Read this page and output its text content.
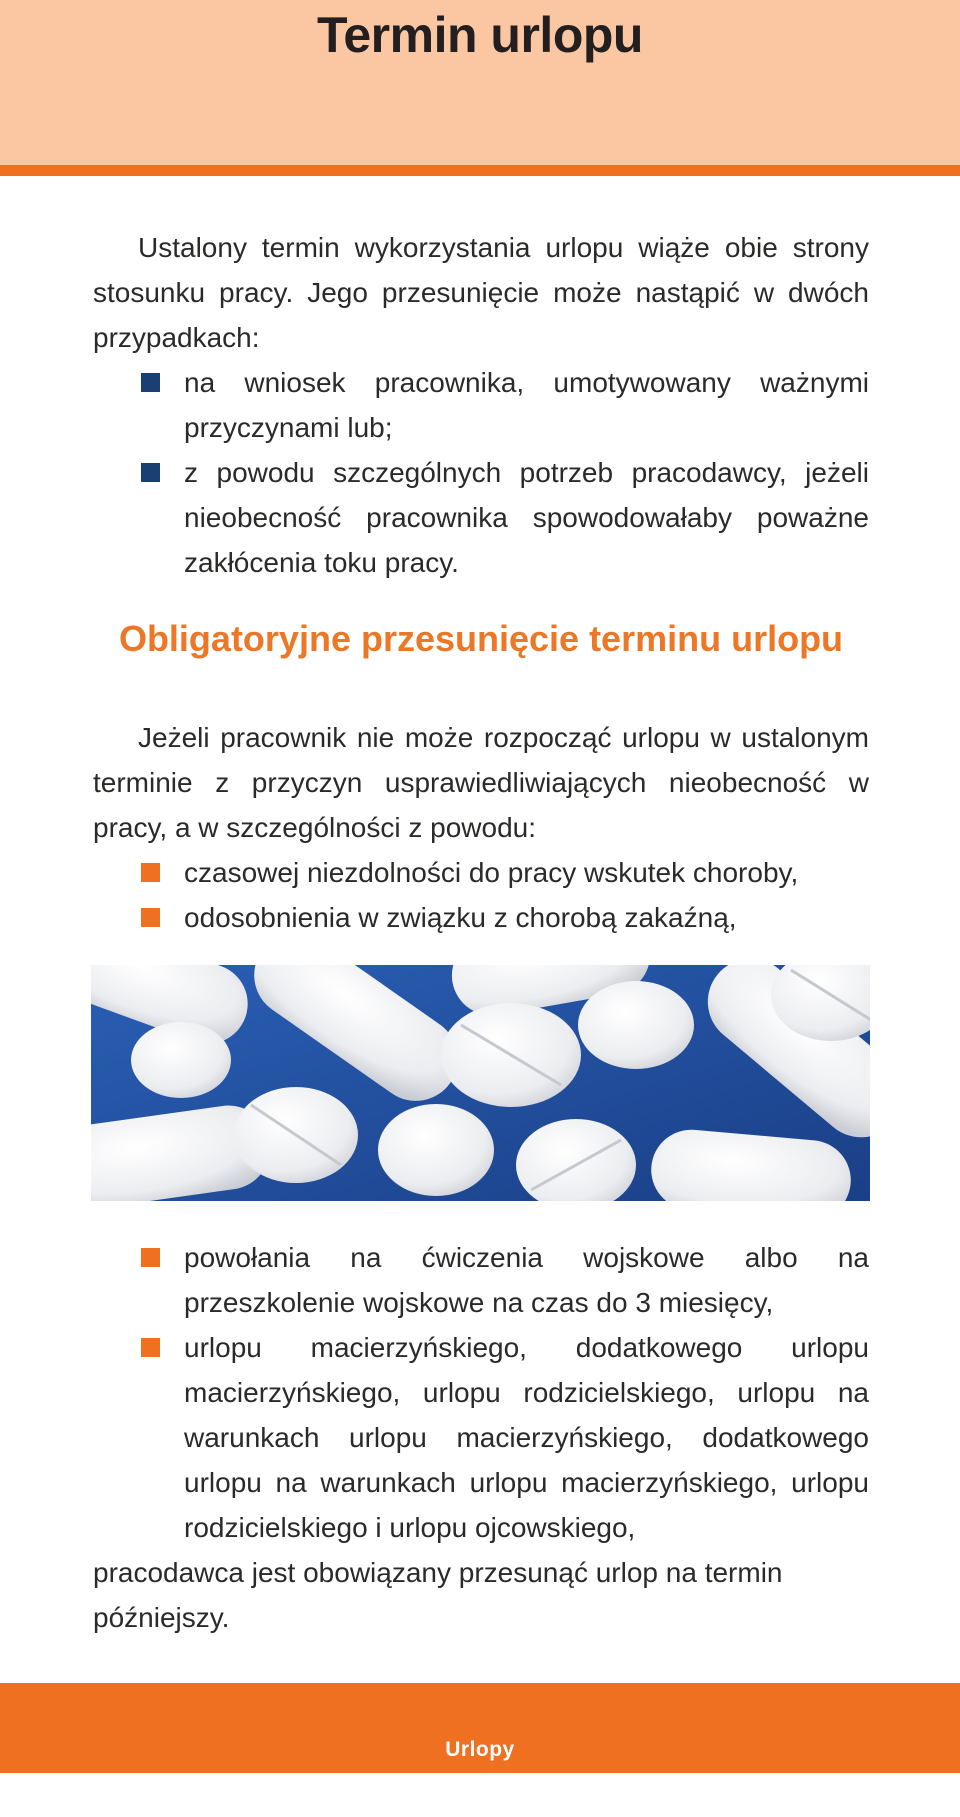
Termin urlopu

Ustalony termin wykorzystania urlopu wiąże obie strony stosunku pracy. Jego przesunięcie może nastąpić w dwóch przypadkach:

na wniosek pracownika, umotywowany ważnymi przyczynami lub;
z powodu szczególnych potrzeb pracodawcy, jeżeli nieobecność pracownika spowodowałaby poważne zakłócenia toku pracy.
Obligatoryjne przesunięcie terminu urlopu

Jeżeli pracownik nie może rozpocząć urlopu w ustalonym terminie z przyczyn usprawiedliwiających nieobecność w pracy, a w szczególności z powodu:

czasowej niezdolności do pracy wskutek choroby,
odosobnienia w związku z chorobą zakaźną,
powołania na ćwiczenia wojskowe albo na przeszkolenie wojskowe na czas do 3 miesięcy,
urlopu macierzyńskiego, dodatkowego urlopu macierzyńskiego, urlopu rodzicielskiego, urlopu na warunkach urlopu macierzyńskiego, dodatkowego urlopu na warunkach urlopu macierzyńskiego, urlopu rodzicielskiego i urlopu ojcowskiego,

pracodawca jest obowiązany przesunąć urlop na termin późniejszy.

Urlopy
